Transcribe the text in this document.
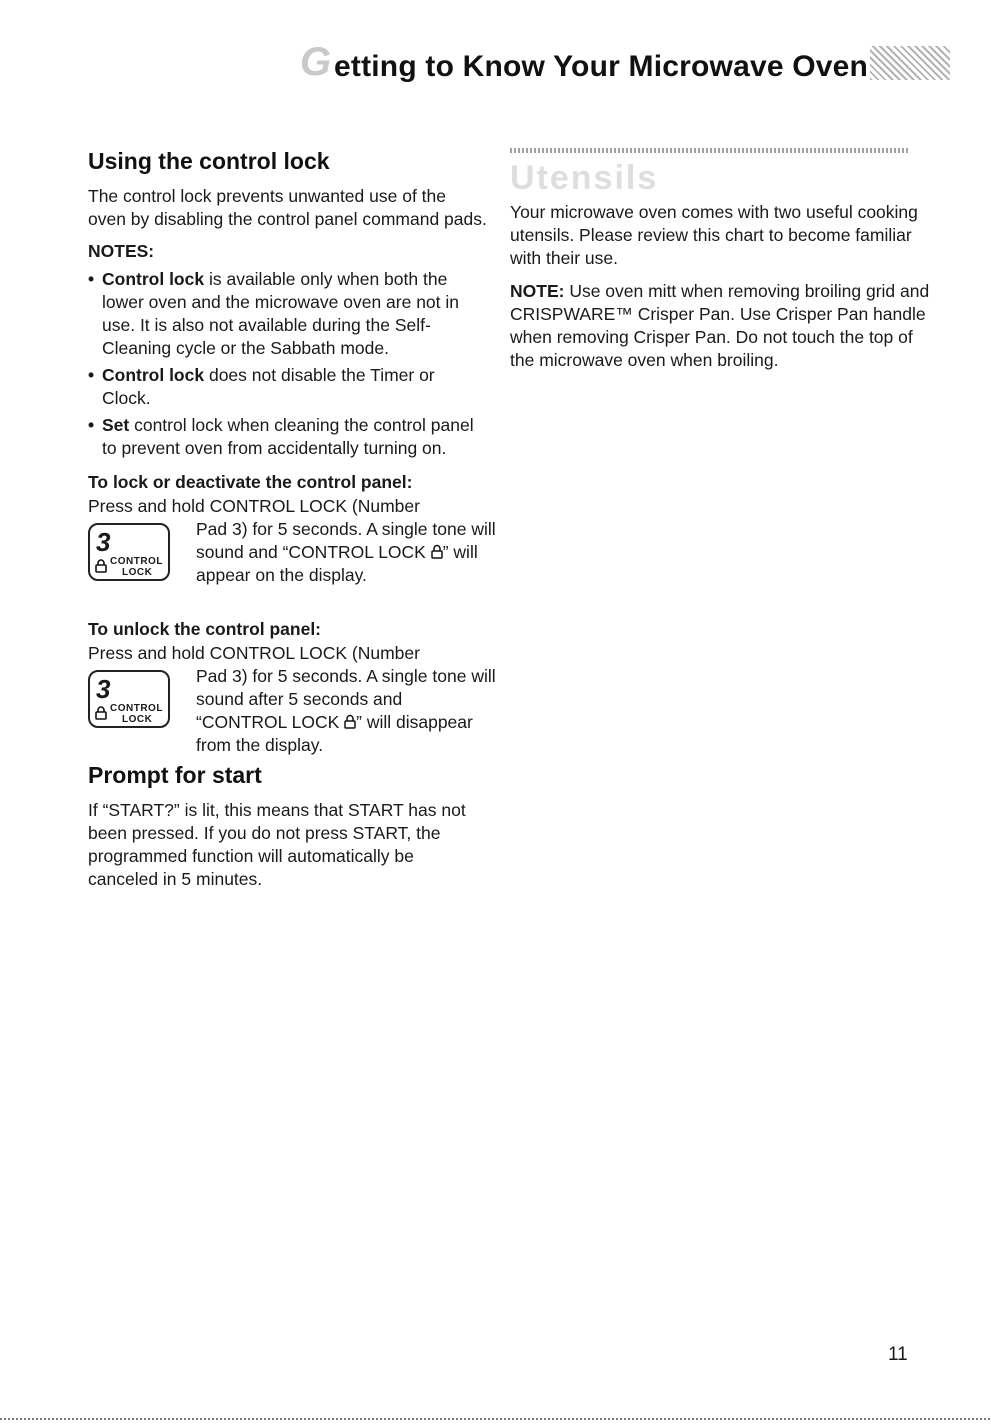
G etting to Know Your Microwave Oven
Using the control lock

The control lock prevents unwanted use of the oven by disabling the control panel command pads.

NOTES:
• Control lock is available only when both the lower oven and the microwave oven are not in use. It is also not available during the Self-Cleaning cycle or the Sabbath mode.
• Control lock does not disable the Timer or Clock.
• Set control lock when cleaning the control panel to prevent oven from accidentally turning on.
To lock or deactivate the control panel:
Press and hold CONTROL LOCK (Number
3
CONTROL
LOCK
Pad 3) for 5 seconds. A single tone will sound and “CONTROL LOCK ” will appear on the display.
To unlock the control panel:
Press and hold CONTROL LOCK (Number
3
CONTROL
LOCK
Pad 3) for 5 seconds. A single tone will sound after 5 seconds and “CONTROL LOCK ” will disappear from the display.
Prompt for start

If “START?” is lit, this means that START has not been pressed. If you do not press START, the programmed function will automatically be canceled in 5 minutes.

Utensils

Your microwave oven comes with two useful cooking utensils. Please review this chart to become familiar with their use.

NOTE: Use oven mitt when removing broiling grid and CRISPWARE™ Crisper Pan. Use Crisper Pan handle when removing Crisper Pan. Do not touch the top of the microwave oven when broiling.

11
